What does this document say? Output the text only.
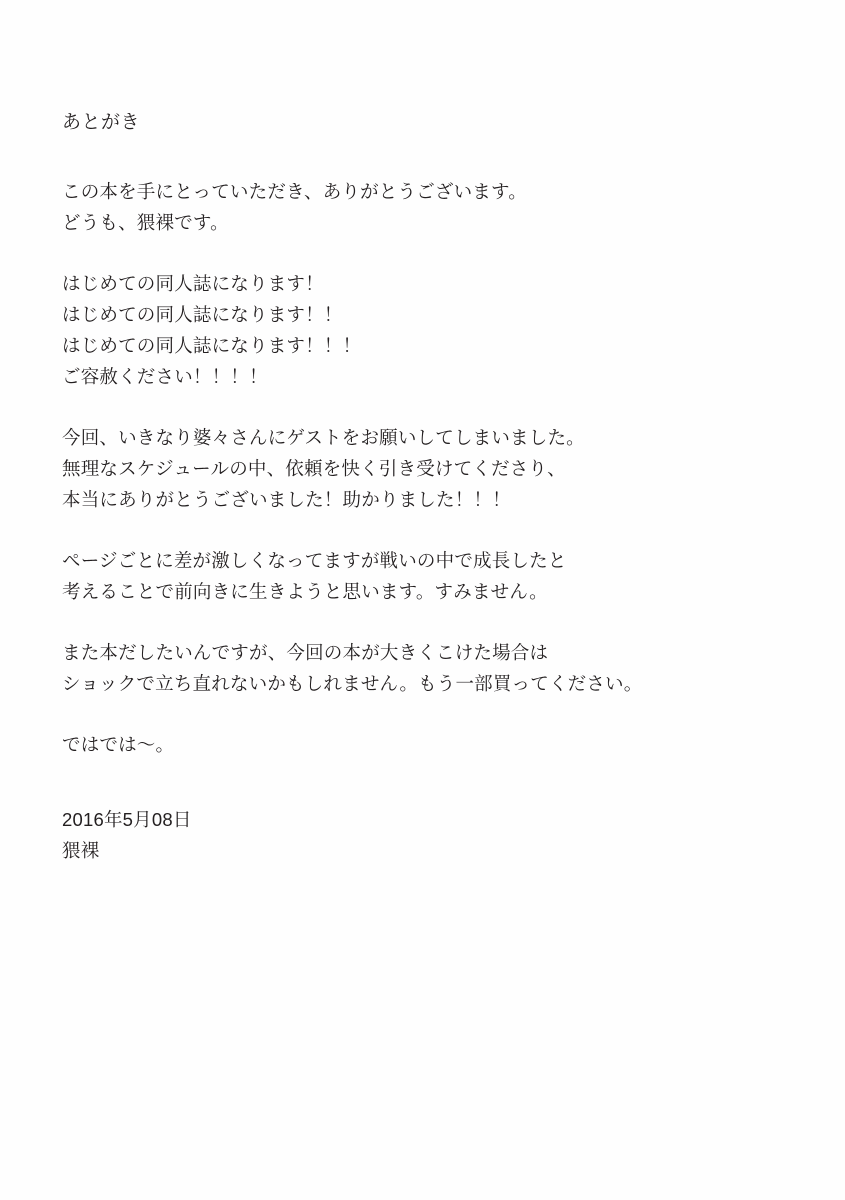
あとがき
この本を手にとっていただき、ありがとうございます。
どうも、猥裸です。
はじめての同人誌になります！
はじめての同人誌になります！！
はじめての同人誌になります！！！
ご容赦ください！！！！
今回、いきなり婆々さんにゲストをお願いしてしまいました。
無理なスケジュールの中、依頼を快く引き受けてくださり、
本当にありがとうございました！助かりました！！！
ページごとに差が激しくなってますが戦いの中で成長したと
考えることで前向きに生きようと思います。すみません。
また本だしたいんですが、今回の本が大きくこけた場合は
ショックで立ち直れないかもしれません。もう一部買ってください。
ではでは〜。
2016年5月08日
猥裸
